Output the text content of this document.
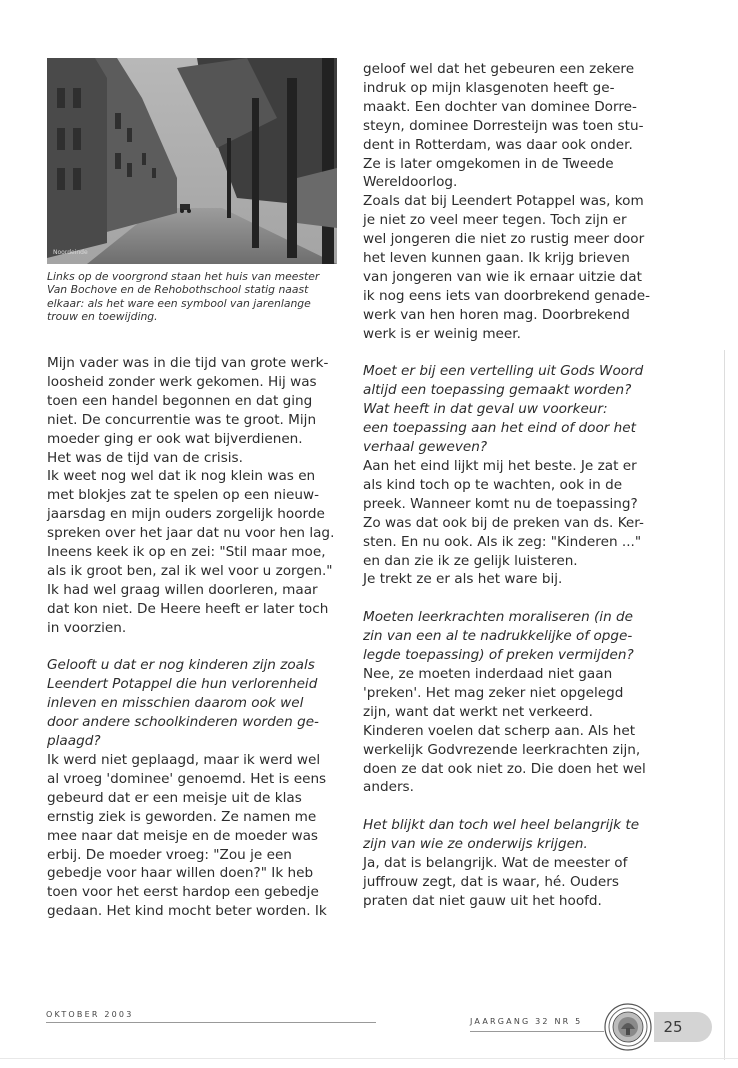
Noordeinde

Links op de voorgrond staan het huis van meester
Van Bochove en de Rehobothschool statig naast
elkaar: als het ware een symbool van jarenlange
trouw en toewijding.

Mijn vader was in die tijd van grote werk-
loosheid zonder werk gekomen. Hij was
toen een handel begonnen en dat ging
niet. De concurrentie was te groot. Mijn
moeder ging er ook wat bijverdienen.
Het was de tijd van de crisis.
Ik weet nog wel dat ik nog klein was en
met blokjes zat te spelen op een nieuw-
jaarsdag en mijn ouders zorgelijk hoorde
spreken over het jaar dat nu voor hen lag.
Ineens keek ik op en zei: "Stil maar moe,
als ik groot ben, zal ik wel voor u zorgen."
Ik had wel graag willen doorleren, maar
dat kon niet. De Heere heeft er later toch
in voorzien.

Gelooft u dat er nog kinderen zijn zoals
Leendert Potappel die hun verlorenheid
inleven en misschien daarom ook wel
door andere schoolkinderen worden ge-
plaagd?

Ik werd niet geplaagd, maar ik werd wel
al vroeg 'dominee' genoemd. Het is eens
gebeurd dat er een meisje uit de klas
ernstig ziek is geworden. Ze namen me
mee naar dat meisje en de moeder was
erbij. De moeder vroeg: "Zou je een
gebedje voor haar willen doen?" Ik heb
toen voor het eerst hardop een gebedje
gedaan. Het kind mocht beter worden. Ik

geloof wel dat het gebeuren een zekere
indruk op mijn klasgenoten heeft ge-
maakt. Een dochter van dominee Dorre-
steyn, dominee Dorresteijn was toen stu-
dent in Rotterdam, was daar ook onder.
Ze is later omgekomen in de Tweede
Wereldoorlog.
Zoals dat bij Leendert Potappel was, kom
je niet zo veel meer tegen. Toch zijn er
wel jongeren die niet zo rustig meer door
het leven kunnen gaan. Ik krijg brieven
van jongeren van wie ik ernaar uitzie dat
ik nog eens iets van doorbrekend genade-
werk van hen horen mag. Doorbrekend
werk is er weinig meer.

Moet er bij een vertelling uit Gods Woord
altijd een toepassing gemaakt worden?
Wat heeft in dat geval uw voorkeur:
een toepassing aan het eind of door het
verhaal geweven?

Aan het eind lijkt mij het beste. Je zat er
als kind toch op te wachten, ook in de
preek. Wanneer komt nu de toepassing?
Zo was dat ook bij de preken van ds. Ker-
sten. En nu ook. Als ik zeg: "Kinderen ..."
en dan zie ik ze gelijk luisteren.
Je trekt ze er als het ware bij.

Moeten leerkrachten moraliseren (in de
zin van een al te nadrukkelijke of opge-
legde toepassing) of preken vermijden?

Nee, ze moeten inderdaad niet gaan
'preken'. Het mag zeker niet opgelegd
zijn, want dat werkt net verkeerd.
Kinderen voelen dat scherp aan. Als het
werkelijk Godvrezende leerkrachten zijn,
doen ze dat ook niet zo. Die doen het wel
anders.

Het blijkt dan toch wel heel belangrijk te
zijn van wie ze onderwijs krijgen.

Ja, dat is belangrijk. Wat de meester of
juffrouw zegt, dat is waar, hé. Ouders
praten dat niet gauw uit het hoofd.

OKTOBER 2003
JAARGANG 32 NR 5	25
